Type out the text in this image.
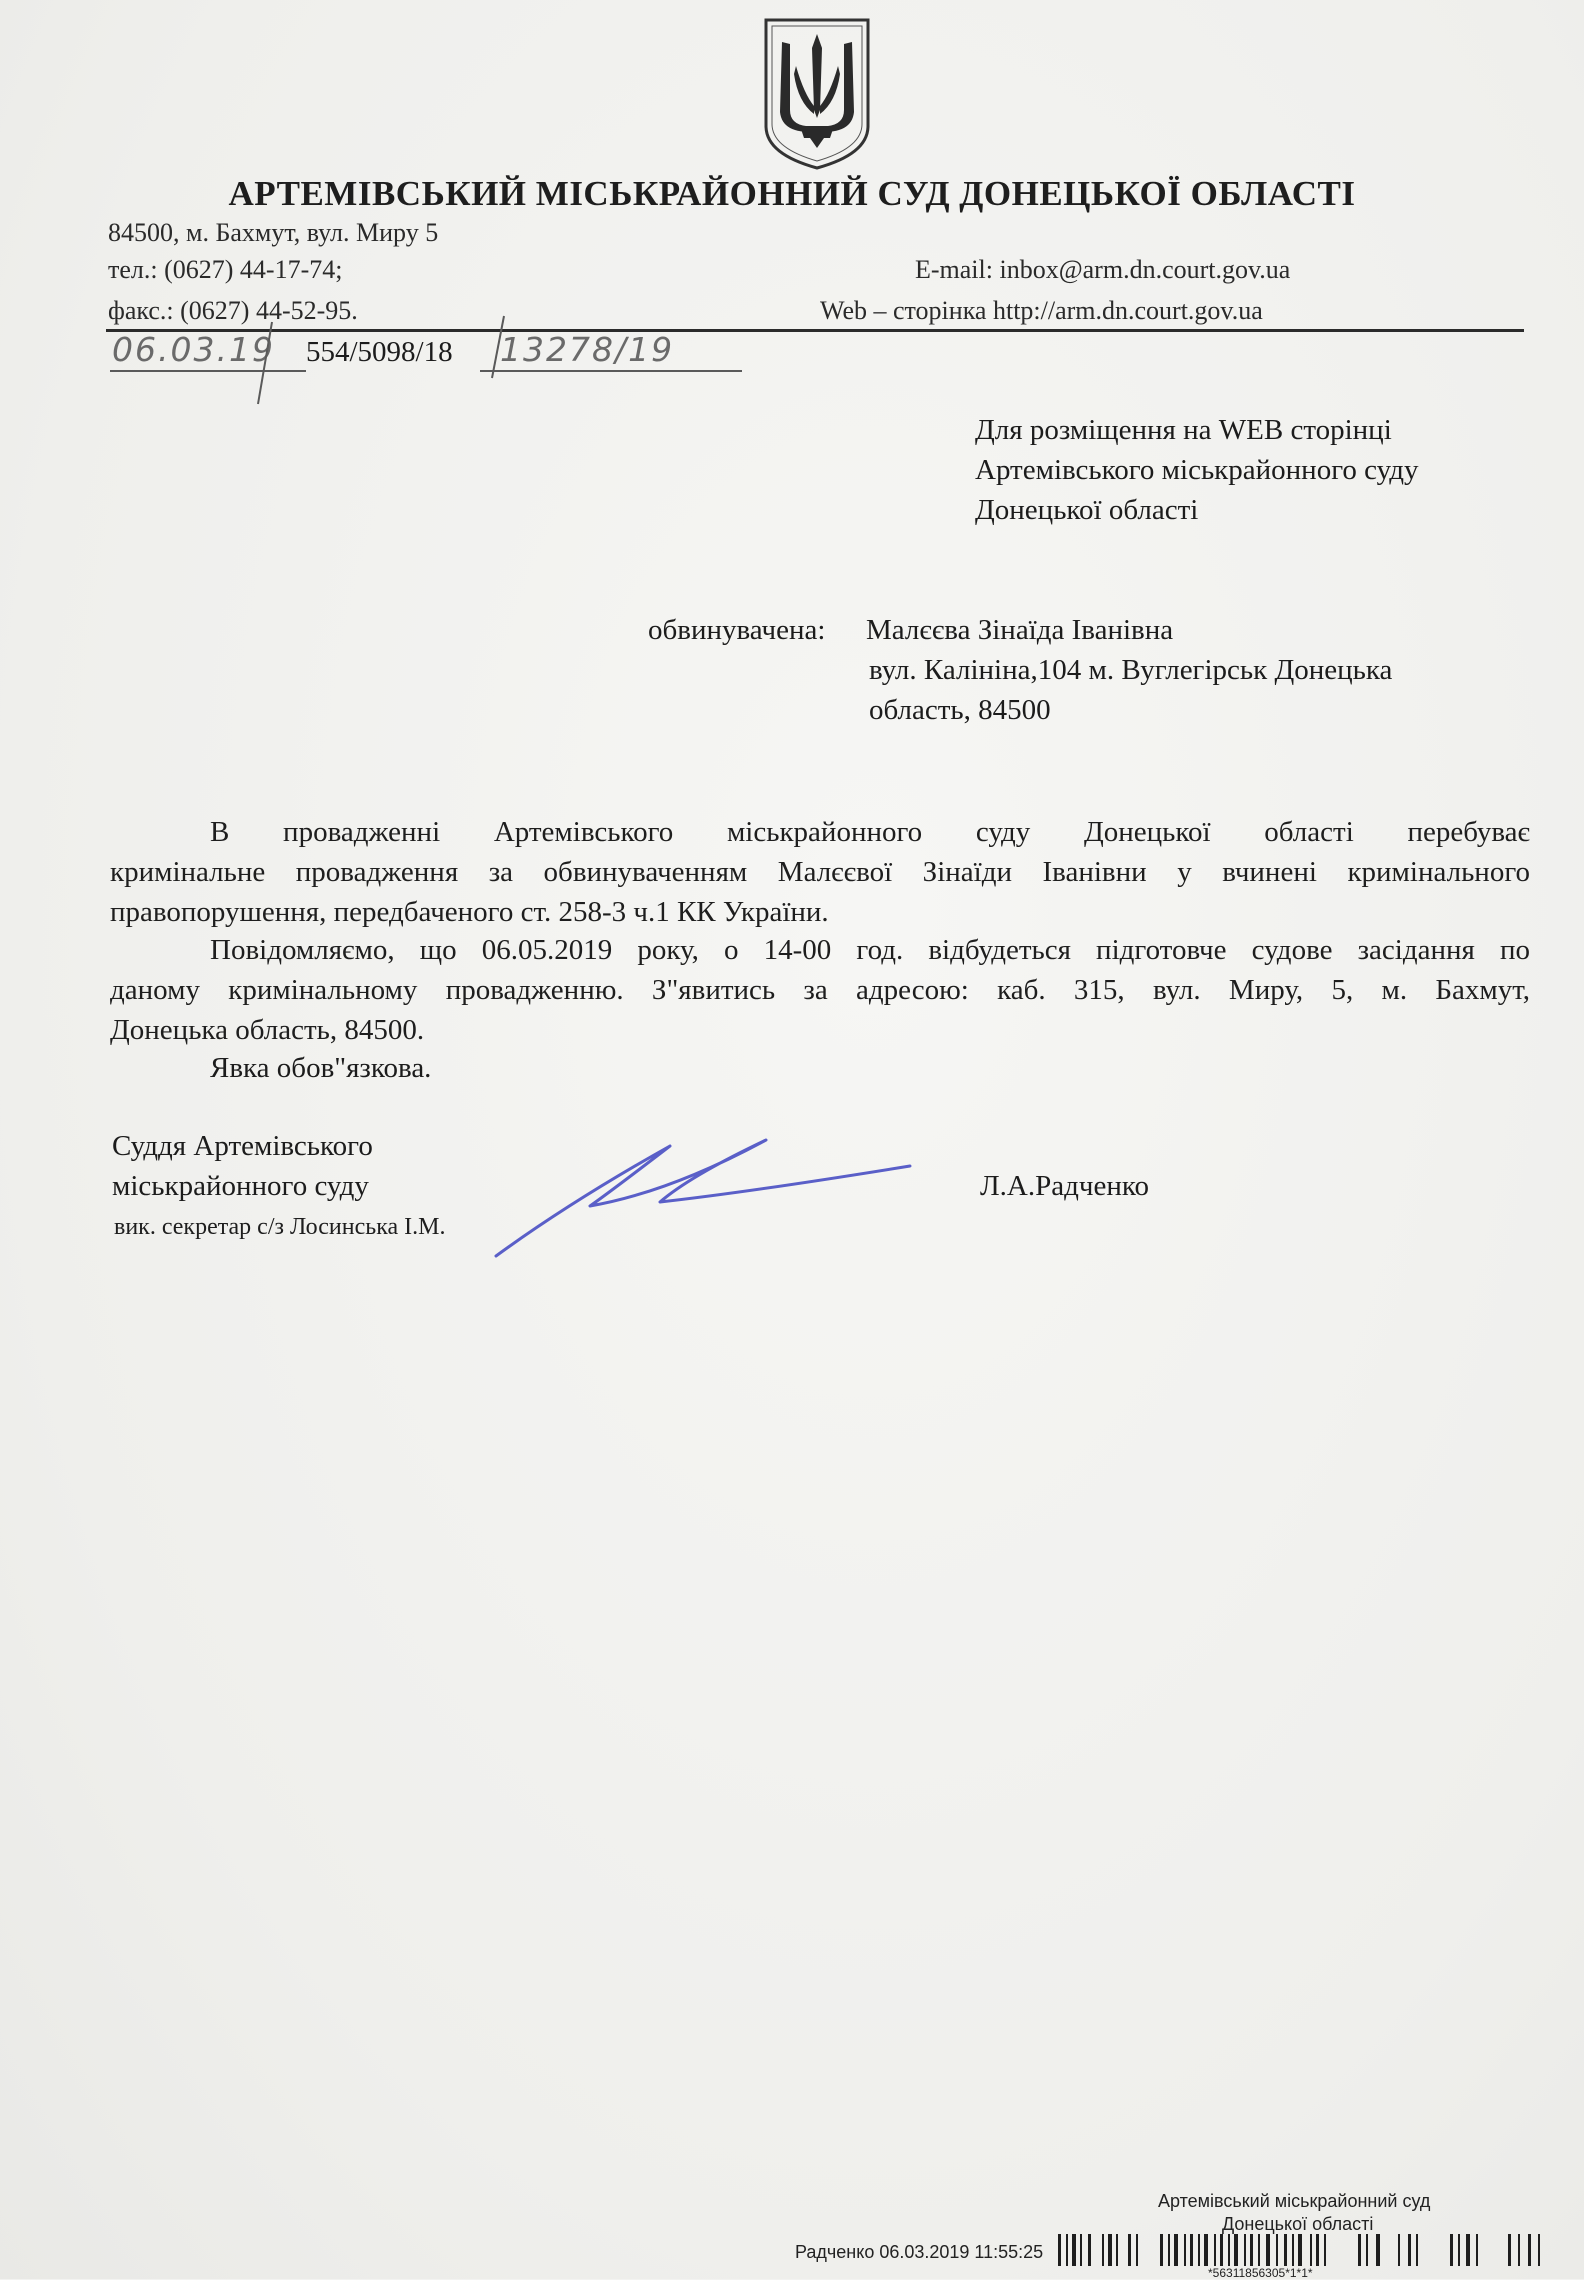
АРТЕМІВСЬКИЙ МІСЬКРАЙОННИЙ СУД ДОНЕЦЬКОЇ ОБЛАСТІ
84500, м. Бахмут, вул. Миру 5
тел.: (0627) 44-17-74;	E-mail: inbox@arm.dn.court.gov.ua
факс.: (0627) 44-52-95.	Web – сторінка http://arm.dn.court.gov.ua
06.03.19 554/5098/18 13278/19
Для розміщення на WEB сторінці
Артемівського міськрайонного суду
Донецької області
обвинувачена: Малєєва Зінаїда Іванівна
вул. Калініна,104 м. Вуглегірськ Донецька
область, 84500
В провадженні Артемівського міськрайонного суду Донецької області перебуває
кримінальне провадження за обвинуваченням Малєєвої Зінаїди Іванівни у вчинені кримінального
правопорушення, передбаченого ст. 258-3 ч.1 КК України.
Повідомляємо, що 06.05.2019 року, о 14-00 год. відбудеться підготовче судове засідання по
даному кримінальному провадженню. З"явитись за адресою: каб. 315, вул. Миру, 5, м. Бахмут,
Донецька область, 84500.
Явка обов"язкова.
Суддя Артемівського
міськрайонного суду
вик. секретар с/з Лосинська І.М.
Л.А.Радченко
Артемівський міськрайонний суд
Донецької області
Радченко 06.03.2019 11:55:25
*56311856305*1*1*
